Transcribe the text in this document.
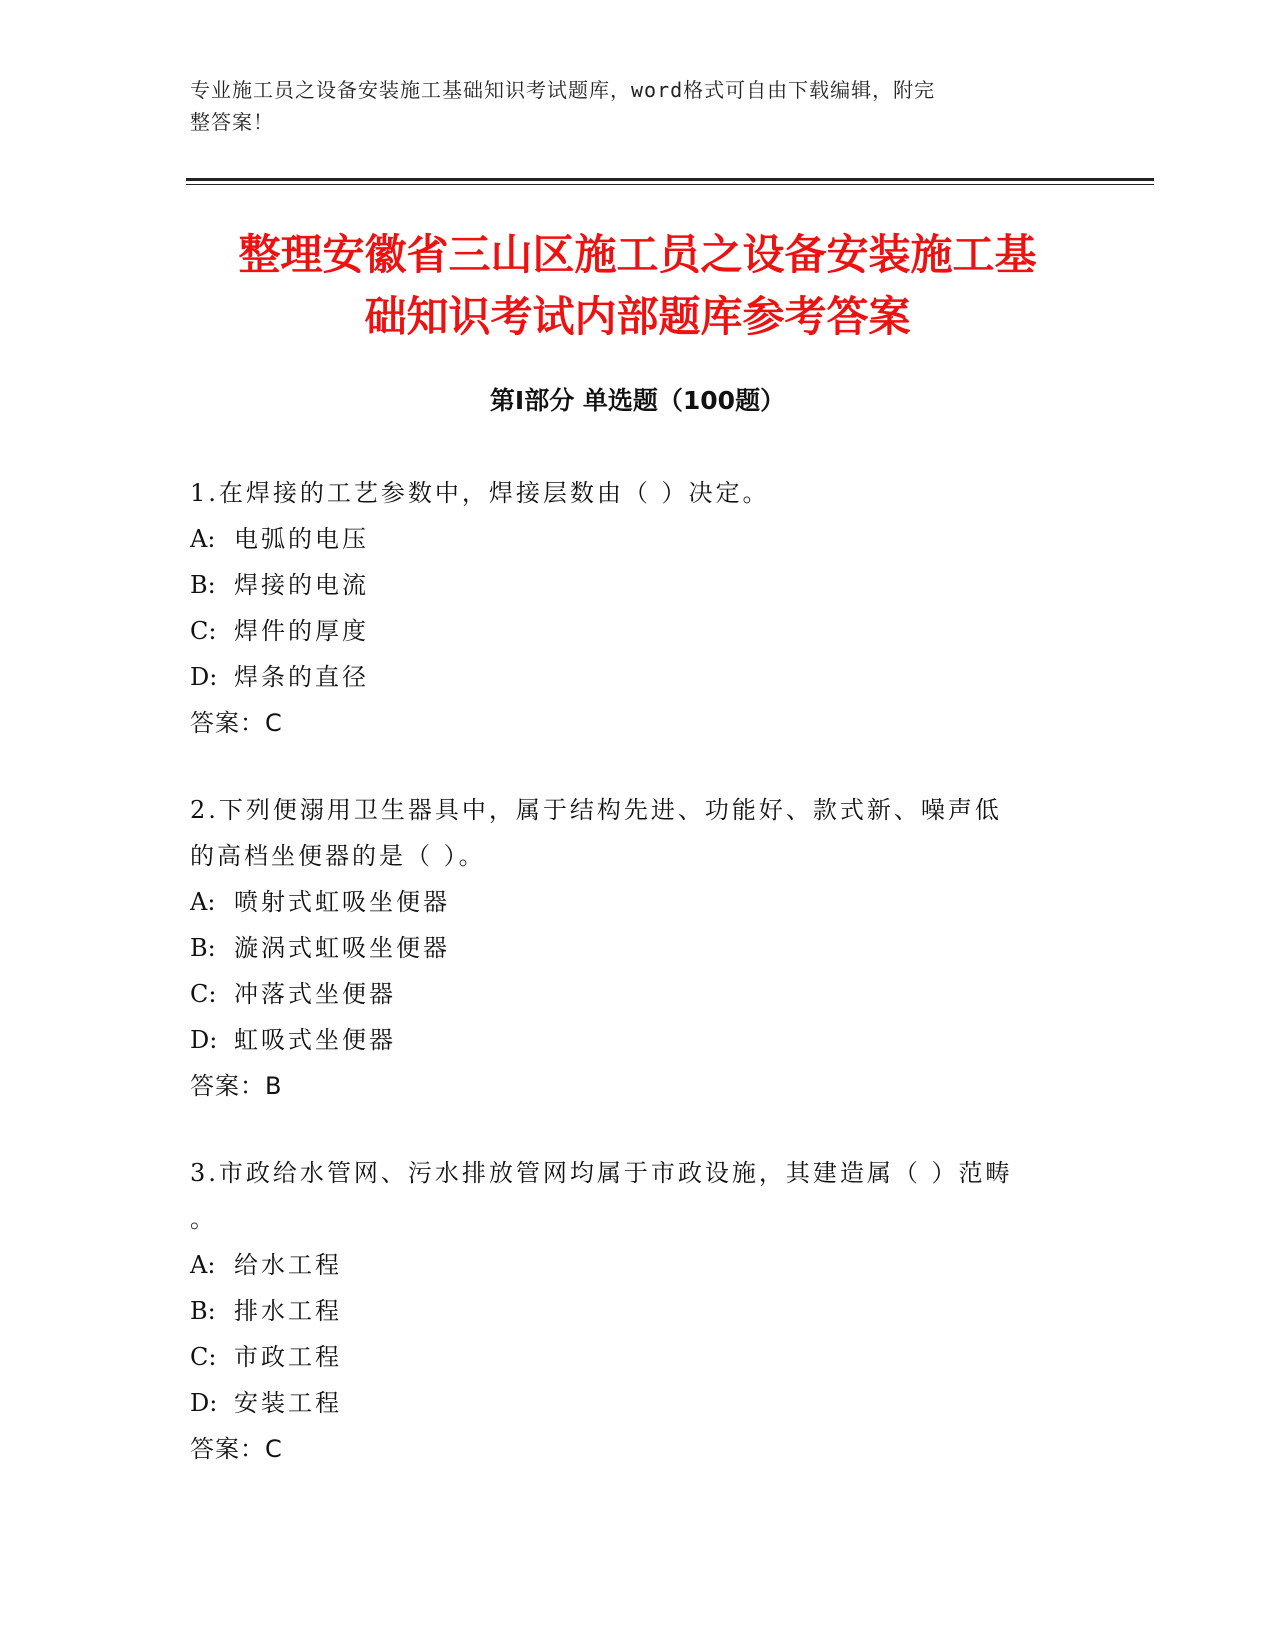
专业施工员之设备安装施工基础知识考试题库，word格式可自由下载编辑，附完
整答案！
整理安徽省三山区施工员之设备安装施工基
础知识考试内部题库参考答案
第Ⅰ部分 单选题（100题）

1.在焊接的工艺参数中，焊接层数由（ ）决定。

A: 电弧的电压

B: 焊接的电流

C: 焊件的厚度

D: 焊条的直径

答案：C

2.下列便溺用卫生器具中，属于结构先进、功能好、款式新、噪声低

的高档坐便器的是（ ）。

A: 喷射式虹吸坐便器

B: 漩涡式虹吸坐便器

C: 冲落式坐便器

D: 虹吸式坐便器

答案：B

3.市政给水管网、污水排放管网均属于市政设施，其建造属（ ）范畴

。

A: 给水工程

B: 排水工程

C: 市政工程

D: 安装工程

答案：C
